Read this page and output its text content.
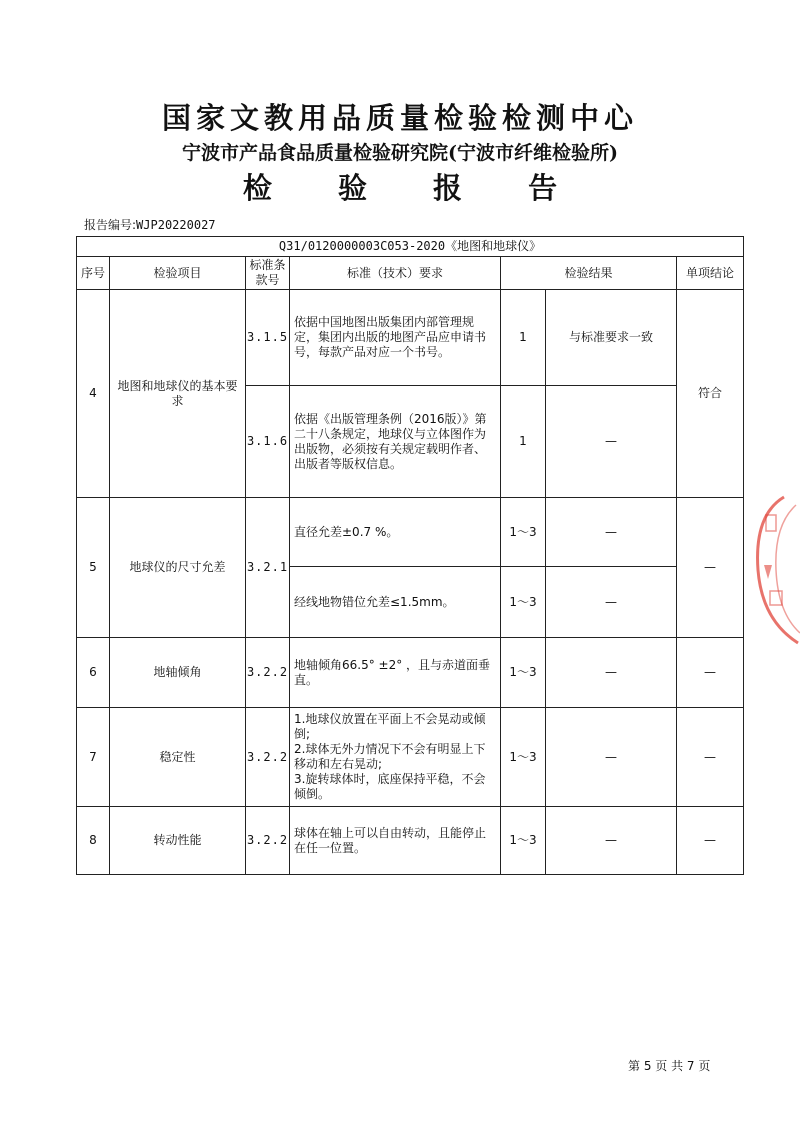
国家文教用品质量检验检测中心
宁波市产品食品质量检验研究院(宁波市纤维检验所)
检 验 报 告
报告编号:WJP20220027
Q31/0120000003C053-2020《地图和地球仪》						
序号	检验项目	标准条款号	标准（技术）要求	检验结果		单项结论
4	地图和地球仪的基本要求	3.1.5	依据中国地图出版集团内部管理规定，集团内出版的地图产品应申请书号，每款产品对应一个书号。	1	与标准要求一致	符合
		3.1.6	依据《出版管理条例（2016版）》第二十八条规定，地球仪与立体图作为出版物，必须按有关规定载明作者、出版者等版权信息。	1	—	
5	地球仪的尺寸允差	3.2.1	直径允差±0.7 %。	1～3	—	—
			经线地物错位允差≤1.5mm。	1～3	—	
6	地轴倾角	3.2.2	地轴倾角66.5° ±2° ，且与赤道面垂直。	1～3	—	—
7	稳定性	3.2.2	1.地球仪放置在平面上不会晃动或倾倒;
2.球体无外力情况下不会有明显上下移动和左右晃动;
3.旋转球体时，底座保持平稳，不会倾倒。	1～3	—	—
8	转动性能	3.2.2	球体在轴上可以自由转动，且能停止在任一位置。	1～3	—	—
第 5 页 共 7 页
